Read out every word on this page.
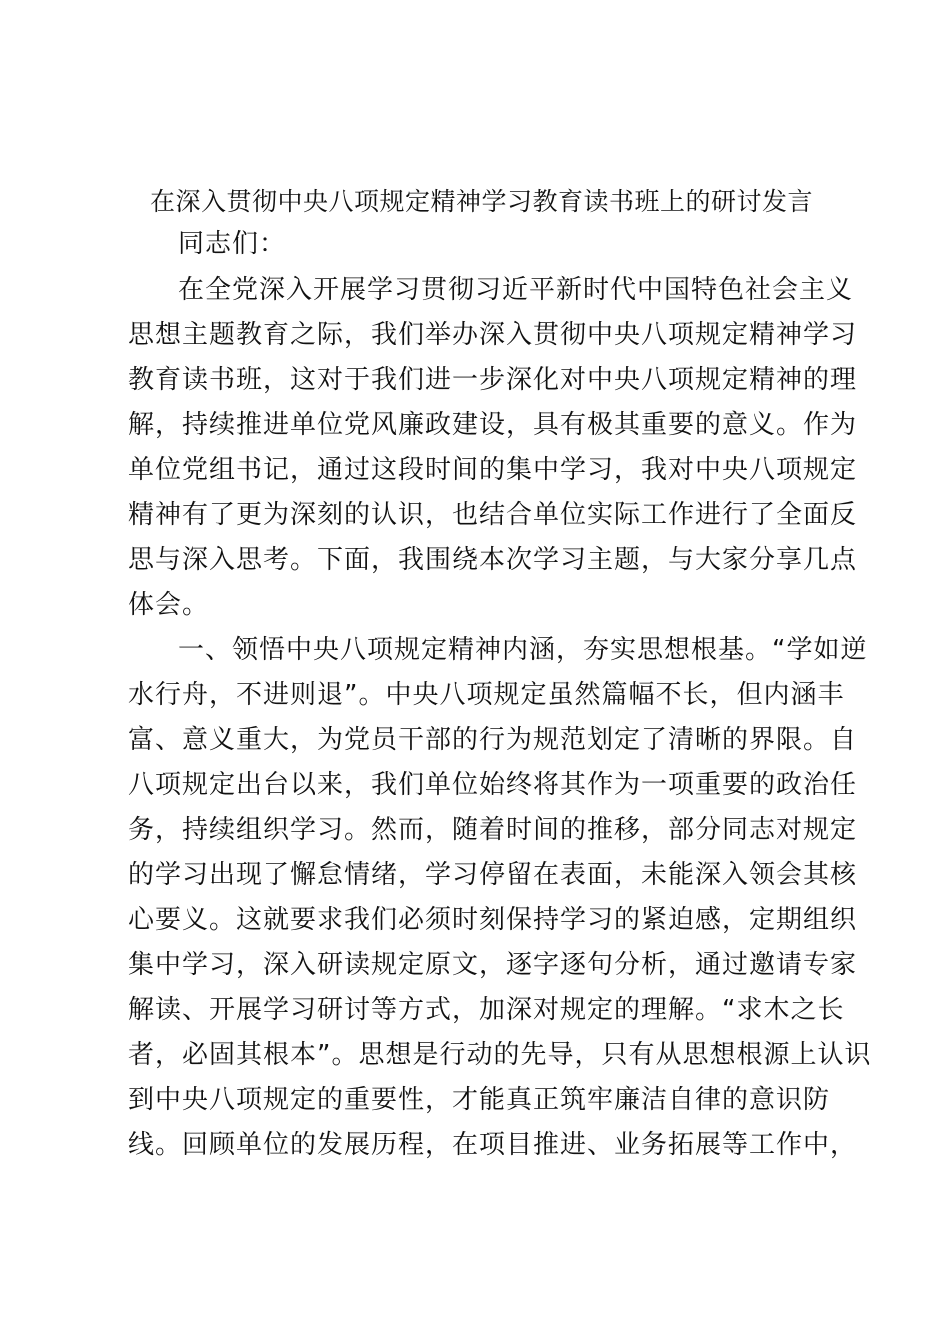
在深入贯彻中央八项规定精神学习教育读书班上的研讨发言
同志们：
在全党深入开展学习贯彻习近平新时代中国特色社会主义
思想主题教育之际，我们举办深入贯彻中央八项规定精神学习
教育读书班，这对于我们进一步深化对中央八项规定精神的理
解，持续推进单位党风廉政建设，具有极其重要的意义。作为
单位党组书记，通过这段时间的集中学习，我对中央八项规定
精神有了更为深刻的认识，也结合单位实际工作进行了全面反
思与深入思考。下面，我围绕本次学习主题，与大家分享几点
体会。
一、领悟中央八项规定精神内涵，夯实思想根基。“学如逆
水行舟，不进则退”。中央八项规定虽然篇幅不长，但内涵丰
富、意义重大，为党员干部的行为规范划定了清晰的界限。自
八项规定出台以来，我们单位始终将其作为一项重要的政治任
务，持续组织学习。然而，随着时间的推移，部分同志对规定
的学习出现了懈怠情绪，学习停留在表面，未能深入领会其核
心要义。这就要求我们必须时刻保持学习的紧迫感，定期组织
集中学习，深入研读规定原文，逐字逐句分析，通过邀请专家
解读、开展学习研讨等方式，加深对规定的理解。“求木之长
者，必固其根本”。思想是行动的先导，只有从思想根源上认识
到中央八项规定的重要性，才能真正筑牢廉洁自律的意识防
线。回顾单位的发展历程，在项目推进、业务拓展等工作中，
